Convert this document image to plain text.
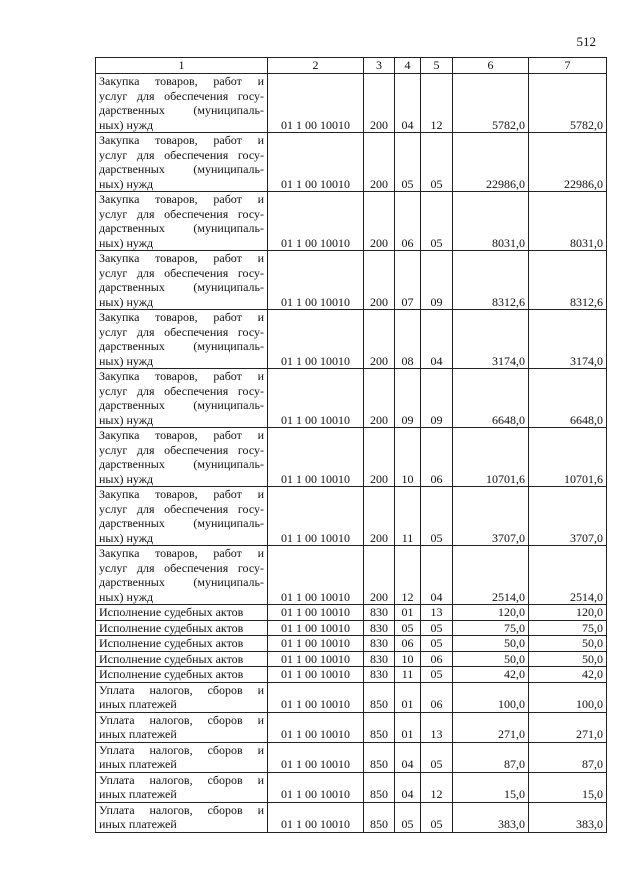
512
1	2	3	4	5	6	7

Закупка товаров, работ и
услуг для обеспечения госу-
дарственных (муниципаль-
ных) нужд	01 1 00 10010	200	04	12	5782,0	5782,0

Закупка товаров, работ и
услуг для обеспечения госу-
дарственных (муниципаль-
ных) нужд	01 1 00 10010	200	05	05	22986,0	22986,0

Закупка товаров, работ и
услуг для обеспечения госу-
дарственных (муниципаль-
ных) нужд	01 1 00 10010	200	06	05	8031,0	8031,0

Закупка товаров, работ и
услуг для обеспечения госу-
дарственных (муниципаль-
ных) нужд	01 1 00 10010	200	07	09	8312,6	8312,6

Закупка товаров, работ и
услуг для обеспечения госу-
дарственных (муниципаль-
ных) нужд	01 1 00 10010	200	08	04	3174,0	3174,0

Закупка товаров, работ и
услуг для обеспечения госу-
дарственных (муниципаль-
ных) нужд	01 1 00 10010	200	09	09	6648,0	6648,0

Закупка товаров, работ и
услуг для обеспечения госу-
дарственных (муниципаль-
ных) нужд	01 1 00 10010	200	10	06	10701,6	10701,6

Закупка товаров, работ и
услуг для обеспечения госу-
дарственных (муниципаль-
ных) нужд	01 1 00 10010	200	11	05	3707,0	3707,0

Закупка товаров, работ и
услуг для обеспечения госу-
дарственных (муниципаль-
ных) нужд	01 1 00 10010	200	12	04	2514,0	2514,0

Исполнение судебных актов	01 1 00 10010	830	01	13	120,0	120,0

Исполнение судебных актов	01 1 00 10010	830	05	05	75,0	75,0

Исполнение судебных актов	01 1 00 10010	830	06	05	50,0	50,0

Исполнение судебных актов	01 1 00 10010	830	10	06	50,0	50,0

Исполнение судебных актов	01 1 00 10010	830	11	05	42,0	42,0

Уплата налогов, сборов и
иных платежей	01 1 00 10010	850	01	06	100,0	100,0

Уплата налогов, сборов и
иных платежей	01 1 00 10010	850	01	13	271,0	271,0

Уплата налогов, сборов и
иных платежей	01 1 00 10010	850	04	05	87,0	87,0

Уплата налогов, сборов и
иных платежей	01 1 00 10010	850	04	12	15,0	15,0

Уплата налогов, сборов и
иных платежей	01 1 00 10010	850	05	05	383,0	383,0
